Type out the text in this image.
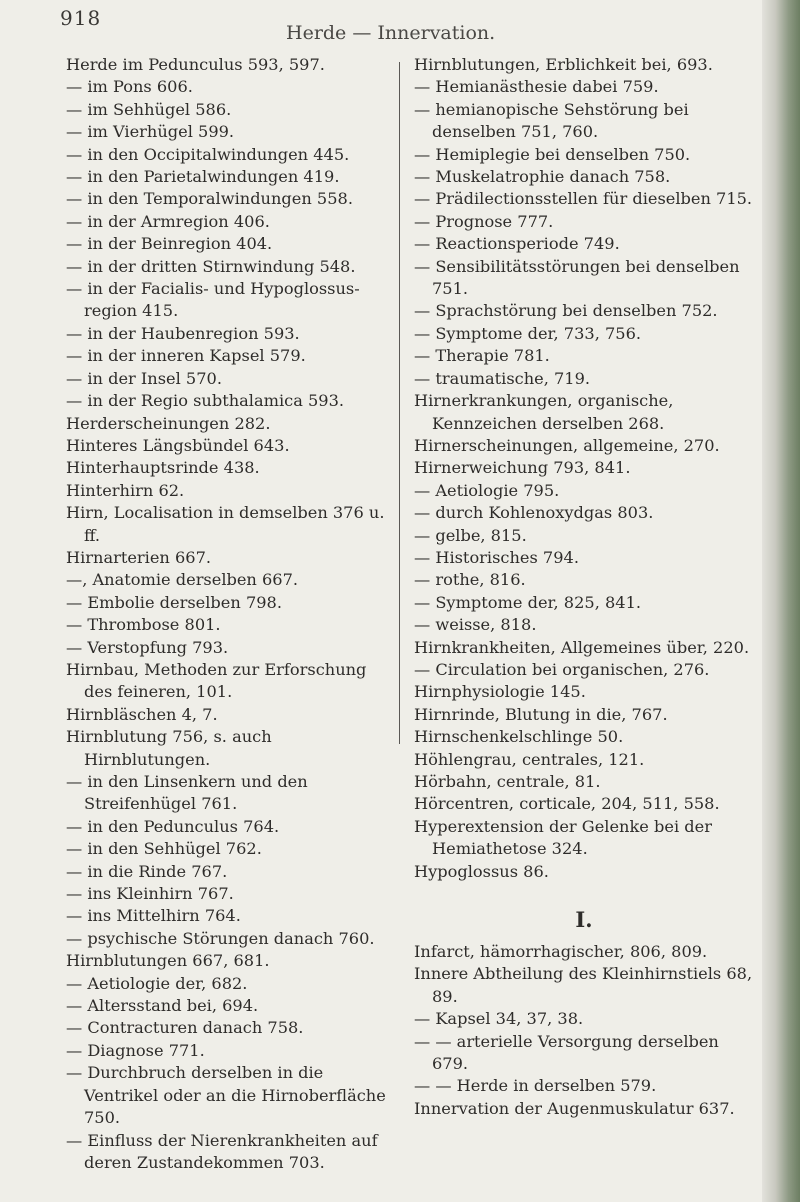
918
Herde — Innervation.

Herde im Pedunculus 593, 597.

— im Pons 606.

— im Sehhügel 586.

— im Vierhügel 599.

— in den Occipitalwindungen 445.

— in den Parietalwindungen 419.

— in den Temporalwindungen 558.

— in der Armregion 406.

— in der Beinregion 404.

— in der dritten Stirnwindung 548.

— in der Facialis- und Hypoglossus-region 415.

— in der Haubenregion 593.

— in der inneren Kapsel 579.

— in der Insel 570.

— in der Regio subthalamica 593.

Herderscheinungen 282.

Hinteres Längsbündel 643.

Hinterhauptsrinde 438.

Hinterhirn 62.

Hirn, Localisation in demselben 376 u. ff.

Hirnarterien 667.

—, Anatomie derselben 667.

— Embolie derselben 798.

— Thrombose 801.

— Verstopfung 793.

Hirnbau, Methoden zur Erforschung des feineren, 101.

Hirnbläschen 4, 7.

Hirnblutung 756, s. auch Hirnblutungen.

— in den Linsenkern und den Streifenhügel 761.

— in den Pedunculus 764.

— in den Sehhügel 762.

— in die Rinde 767.

— ins Kleinhirn 767.

— ins Mittelhirn 764.

— psychische Störungen danach 760.

Hirnblutungen 667, 681.

— Aetiologie der, 682.

— Altersstand bei, 694.

— Contracturen danach 758.

— Diagnose 771.

— Durchbruch derselben in die Ventrikel oder an die Hirnoberfläche 750.

— Einfluss der Nierenkrankheiten auf deren Zustandekommen 703.

Hirnblutungen, Erblichkeit bei, 693.

— Hemianästhesie dabei 759.

— hemianopische Sehstörung bei denselben 751, 760.

— Hemiplegie bei denselben 750.

— Muskelatrophie danach 758.

— Prädilectionsstellen für dieselben 715.

— Prognose 777.

— Reactionsperiode 749.

— Sensibilitätsstörungen bei denselben 751.

— Sprachstörung bei denselben 752.

— Symptome der, 733, 756.

— Therapie 781.

— traumatische, 719.

Hirnerkrankungen, organische, Kennzeichen derselben 268.

Hirnerscheinungen, allgemeine, 270.

Hirnerweichung 793, 841.

— Aetiologie 795.

— durch Kohlenoxydgas 803.

— gelbe, 815.

— Historisches 794.

— rothe, 816.

— Symptome der, 825, 841.

— weisse, 818.

Hirnkrankheiten, Allgemeines über, 220.

— Circulation bei organischen, 276.

Hirnphysiologie 145.

Hirnrinde, Blutung in die, 767.

Hirnschenkelschlinge 50.

Höhlengrau, centrales, 121.

Hörbahn, centrale, 81.

Hörcentren, corticale, 204, 511, 558.

Hyperextension der Gelenke bei der Hemiathetose 324.

Hypoglossus 86.

I.

Infarct, hämorrhagischer, 806, 809.

Innere Abtheilung des Kleinhirnstiels 68, 89.

— Kapsel 34, 37, 38.

— — arterielle Versorgung derselben 679.

— — Herde in derselben 579.

Innervation der Augenmuskulatur 637.
